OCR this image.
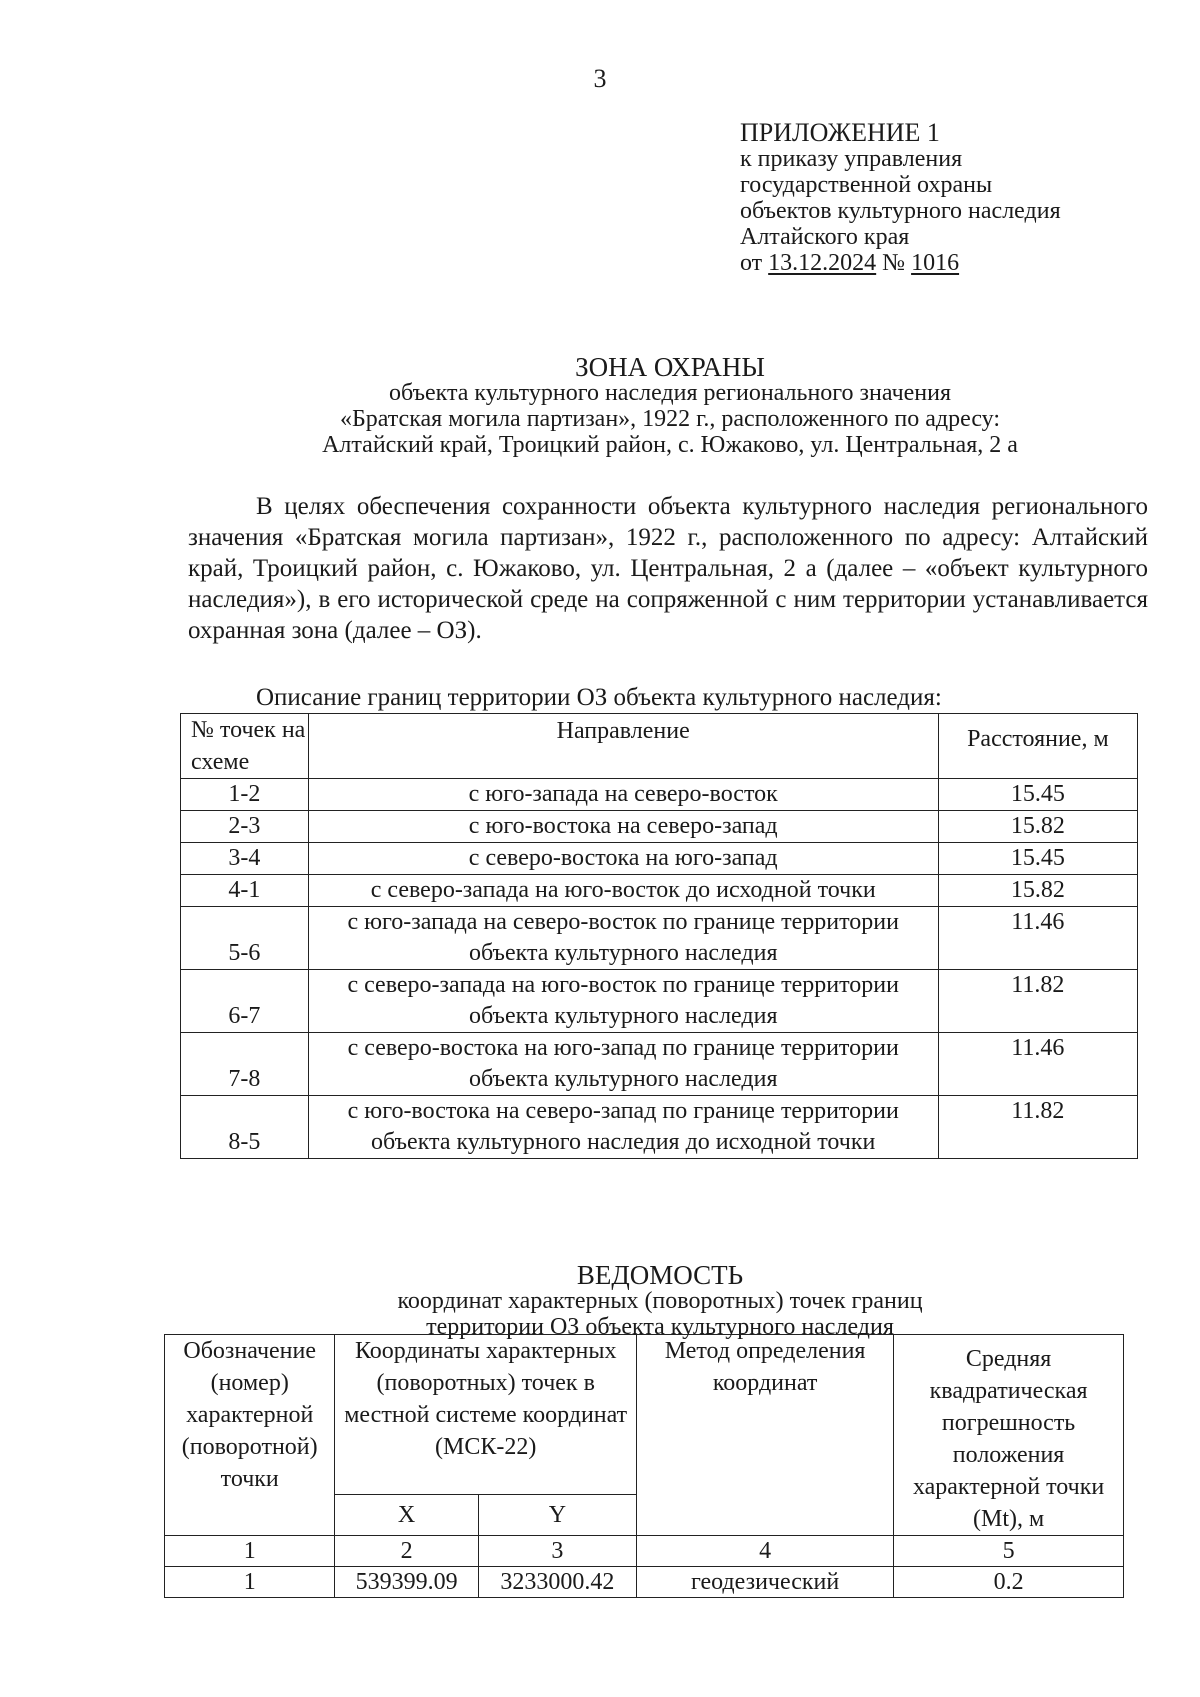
3
ПРИЛОЖЕНИЕ 1
к приказу управления
государственной охраны
объектов культурного наследия
Алтайского края
от 13.12.2024 № 1016
ЗОНА ОХРАНЫ
объекта культурного наследия регионального значения
«Братская могила партизан», 1922 г., расположенного по адресу:
Алтайский край, Троицкий район, с. Южаково, ул. Центральная, 2 а

В целях обеспечения сохранности объекта культурного наследия регионального значения «Братская могила партизан», 1922 г., расположенного по адресу: Алтайский край, Троицкий район, с. Южаково, ул. Центральная, 2 а (далее – «объект культурного наследия»), в его исторической среде на сопряженной с ним территории устанавливается охранная зона (далее – ОЗ).

Описание границ территории ОЗ объекта культурного наследия:
№ точек на схеме	Направление	Расстояние, м
1-2	с юго-запада на северо-восток	15.45
2-3	с юго-востока на северо-запад	15.82
3-4	с северо-востока на юго-запад	15.45
4-1	с северо-запада на юго-восток до исходной точки	15.82
5-6	с юго-запада на северо-восток по границе территории объекта культурного наследия	11.46
6-7	с северо-запада на юго-восток по границе территории объекта культурного наследия	11.82
7-8	с северо-востока на юго-запад по границе территории объекта культурного наследия	11.46
8-5	с юго-востока на северо-запад по границе территории объекта культурного наследия до исходной точки	11.82
ВЕДОМОСТЬ
координат характерных (поворотных) точек границ
территории ОЗ объекта культурного наследия
Обозначение (номер) характерной (поворотной) точки	Координаты характерных (поворотных) точек в местной системе координат (МСК-22)		Метод определения координат	Средняя квадратическая погрешность положения характерной точки (Mt), м
	X	Y		
1	2	3	4	5
1	539399.09	3233000.42	геодезический	0.2
